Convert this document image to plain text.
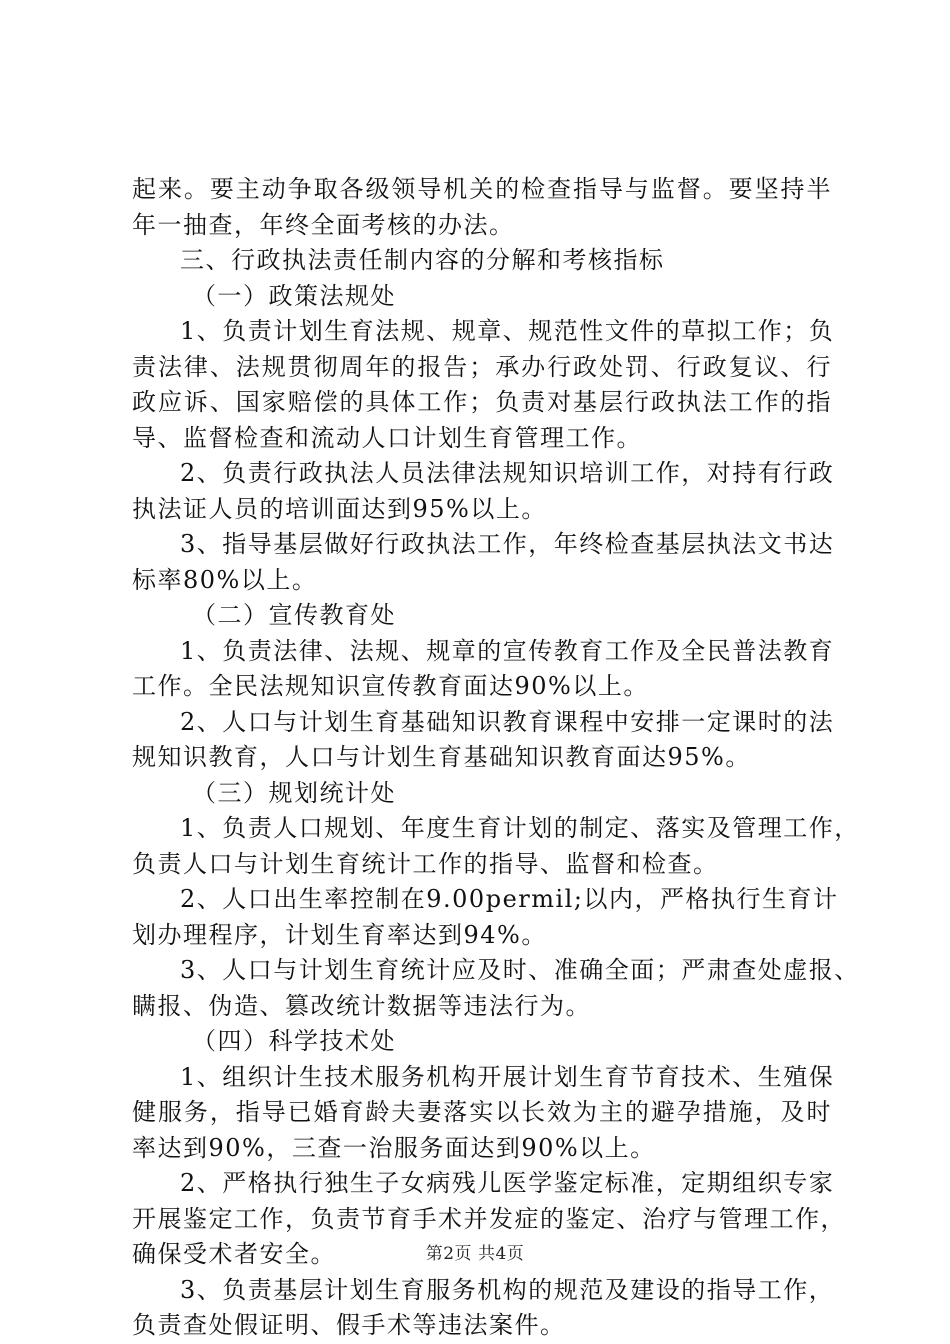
起来。要主动争取各级领导机关的检查指导与监督。要坚持半
年一抽查，年终全面考核的办法。
三、行政执法责任制内容的分解和考核指标
（一）政策法规处
1、负责计划生育法规、规章、规范性文件的草拟工作；负
责法律、法规贯彻周年的报告；承办行政处罚、行政复议、行
政应诉、国家赔偿的具体工作；负责对基层行政执法工作的指
导、监督检查和流动人口计划生育管理工作。
2、负责行政执法人员法律法规知识培训工作，对持有行政
执法证人员的培训面达到95%以上。
3、指导基层做好行政执法工作，年终检查基层执法文书达
标率80%以上。
（二）宣传教育处
1、负责法律、法规、规章的宣传教育工作及全民普法教育
工作。全民法规知识宣传教育面达90%以上。
2、人口与计划生育基础知识教育课程中安排一定课时的法
规知识教育，人口与计划生育基础知识教育面达95%。
（三）规划统计处
1、负责人口规划、年度生育计划的制定、落实及管理工作，
负责人口与计划生育统计工作的指导、监督和检查。
2、人口出生率控制在9.00permil;以内，严格执行生育计
划办理程序，计划生育率达到94%。
3、人口与计划生育统计应及时、准确全面；严肃查处虚报、
瞒报、伪造、篡改统计数据等违法行为。
（四）科学技术处
1、组织计生技术服务机构开展计划生育节育技术、生殖保
健服务，指导已婚育龄夫妻落实以长效为主的避孕措施，及时
率达到90%，三查一治服务面达到90%以上。
2、严格执行独生子女病残儿医学鉴定标准，定期组织专家
开展鉴定工作，负责节育手术并发症的鉴定、治疗与管理工作，
确保受术者安全。
3、负责基层计划生育服务机构的规范及建设的指导工作，
负责查处假证明、假手术等违法案件。
第2页 共4页
